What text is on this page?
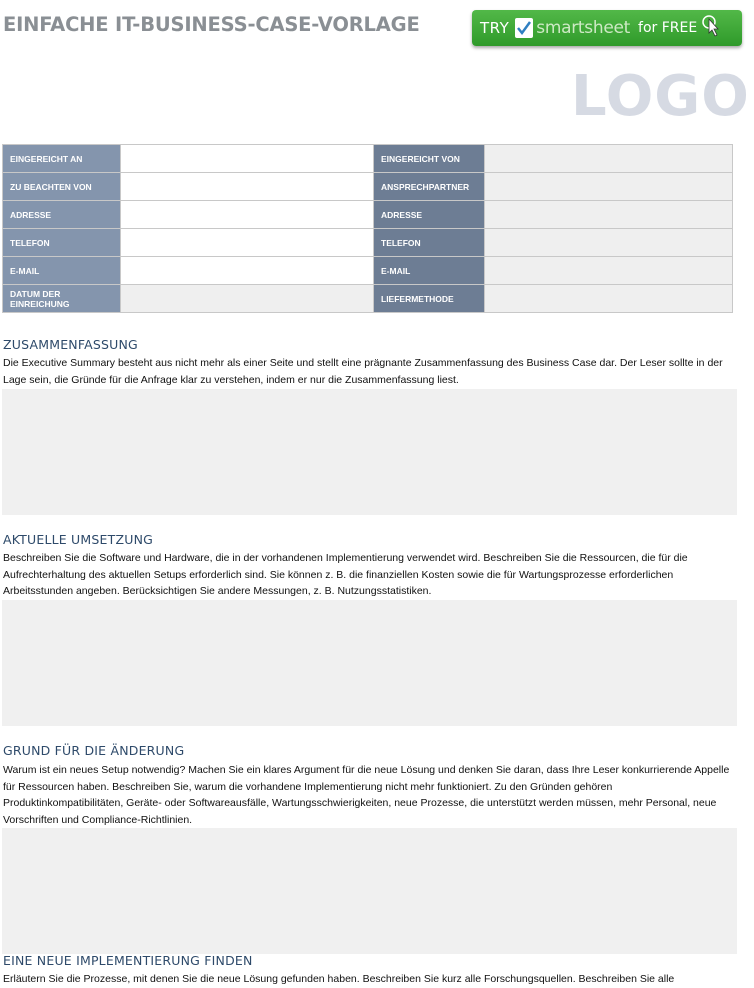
EINFACHE IT-BUSINESS-CASE-VORLAGE	TRY smartsheet for FREE
LOGO
EINGEREICHT AN		EINGEREICHT VON	
ZU BEACHTEN VON		ANSPRECHPARTNER	
ADRESSE		ADRESSE	
TELEFON		TELEFON	
E-MAIL		E-MAIL	
DATUM DER EINREICHUNG		LIEFERMETHODE	
ZUSAMMENFASSUNG
Die Executive Summary besteht aus nicht mehr als einer Seite und stellt eine prägnante Zusammenfassung des Business Case dar. Der Leser sollte in der Lage sein, die Gründe für die Anfrage klar zu verstehen, indem er nur die Zusammenfassung liest.
AKTUELLE UMSETZUNG
Beschreiben Sie die Software und Hardware, die in der vorhandenen Implementierung verwendet wird. Beschreiben Sie die Ressourcen, die für die Aufrechterhaltung des aktuellen Setups erforderlich sind. Sie können z. B. die finanziellen Kosten sowie die für Wartungsprozesse erforderlichen Arbeitsstunden angeben. Berücksichtigen Sie andere Messungen, z. B. Nutzungsstatistiken.
GRUND FÜR DIE ÄNDERUNG
Warum ist ein neues Setup notwendig? Machen Sie ein klares Argument für die neue Lösung und denken Sie daran, dass Ihre Leser konkurrierende Appelle für Ressourcen haben. Beschreiben Sie, warum die vorhandene Implementierung nicht mehr funktioniert. Zu den Gründen gehören Produktinkompatibilitäten, Geräte- oder Softwareausfälle, Wartungsschwierigkeiten, neue Prozesse, die unterstützt werden müssen, mehr Personal, neue Vorschriften und Compliance-Richtlinien.
EINE NEUE IMPLEMENTIERUNG FINDEN
Erläutern Sie die Prozesse, mit denen Sie die neue Lösung gefunden haben. Beschreiben Sie kurz alle Forschungsquellen. Beschreiben Sie alle
